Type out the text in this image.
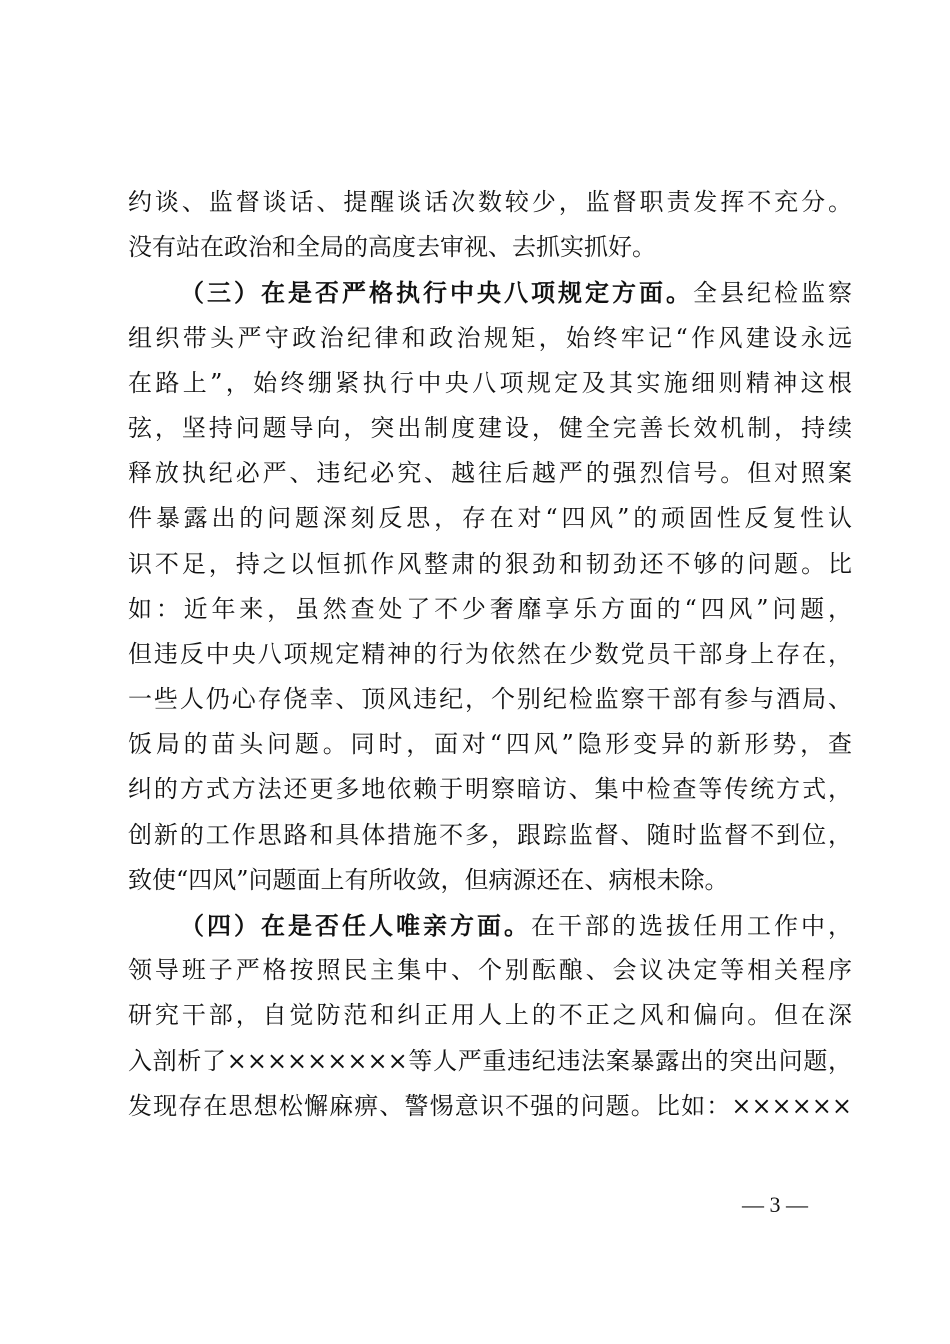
约谈、监督谈话、提醒谈话次数较少，监督职责发挥不充分。
没有站在政治和全局的高度去审视、去抓实抓好。
（三）在是否严格执行中央八项规定方面。全县纪检监察
组织带头严守政治纪律和政治规矩，始终牢记“作风建设永远
在路上”，始终绷紧执行中央八项规定及其实施细则精神这根
弦，坚持问题导向，突出制度建设，健全完善长效机制，持续
释放执纪必严、违纪必究、越往后越严的强烈信号。但对照案
件暴露出的问题深刻反思，存在对“四风”的顽固性反复性认
识不足，持之以恒抓作风整肃的狠劲和韧劲还不够的问题。比
如：近年来，虽然查处了不少奢靡享乐方面的“四风”问题，
但违反中央八项规定精神的行为依然在少数党员干部身上存在，
一些人仍心存侥幸、顶风违纪，个别纪检监察干部有参与酒局、
饭局的苗头问题。同时，面对“四风”隐形变异的新形势，查
纠的方式方法还更多地依赖于明察暗访、集中检查等传统方式，
创新的工作思路和具体措施不多，跟踪监督、随时监督不到位，
致使“四风”问题面上有所收敛，但病源还在、病根未除。
（四）在是否任人唯亲方面。在干部的选拔任用工作中，
领导班子严格按照民主集中、个别酝酿、会议决定等相关程序
研究干部，自觉防范和纠正用人上的不正之风和偏向。但在深
入剖析了×××××××××等人严重违纪违法案暴露出的突出问题，
发现存在思想松懈麻痹、警惕意识不强的问题。比如：××××××
— 3 —
